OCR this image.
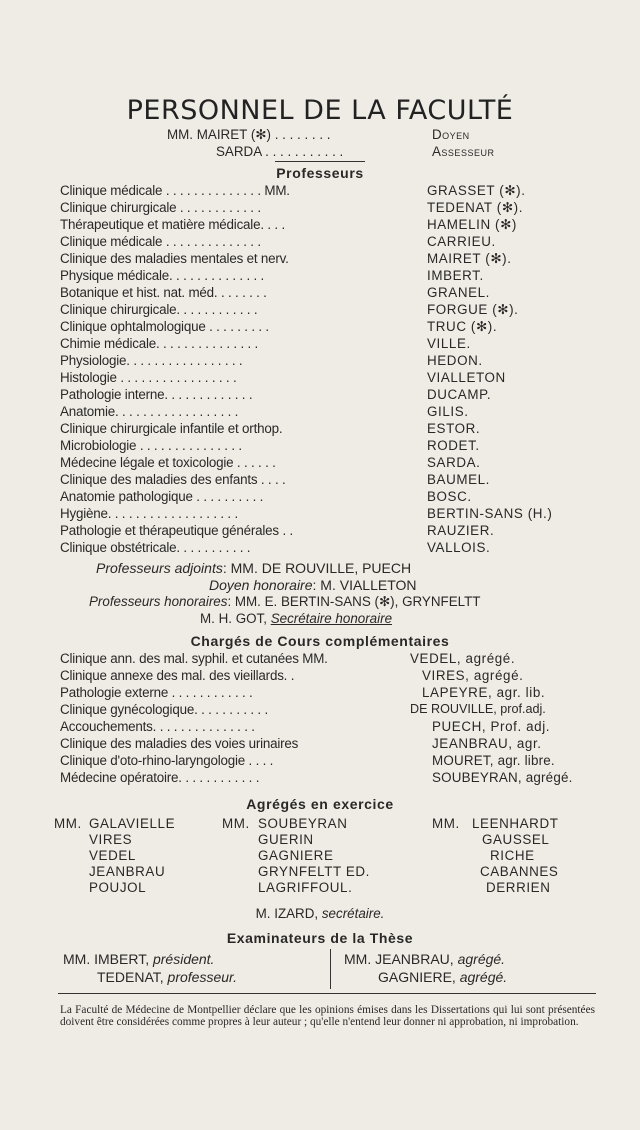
PERSONNEL DE LA FACULTÉ
MM. MAIRET (✻) . . . . . . . .	Doyen
SARDA . . . . . . . . . . .	Assesseur
Professeurs
Clinique médicale . . . . . . . . . . . . . . MM.	GRASSET (✻).
Clinique chirurgicale . . . . . . . . . . . .	TEDENAT (✻).
Thérapeutique et matière médicale. . . .	HAMELIN (✻)
Clinique médicale . . . . . . . . . . . . . .	CARRIEU.
Clinique des maladies mentales et nerv.	MAIRET (✻).
Physique médicale. . . . . . . . . . . . . .	IMBERT.
Botanique et hist. nat. méd. . . . . . . .	GRANEL.
Clinique chirurgicale. . . . . . . . . . . .	FORGUE (✻).
Clinique ophtalmologique . . . . . . . . .	TRUC (✻).
Chimie médicale. . . . . . . . . . . . . . .	VILLE.
Physiologie. . . . . . . . . . . . . . . . .	HEDON.
Histologie . . . . . . . . . . . . . . . . .	VIALLETON
Pathologie interne. . . . . . . . . . . . .	DUCAMP.
Anatomie. . . . . . . . . . . . . . . . . .	GILIS.
Clinique chirurgicale infantile et orthop.	ESTOR.
Microbiologie . . . . . . . . . . . . . . .	RODET.
Médecine légale et toxicologie . . . . . .	SARDA.
Clinique des maladies des enfants . . . .	BAUMEL.
Anatomie pathologique . . . . . . . . . .	BOSC.
Hygiène. . . . . . . . . . . . . . . . . . .	BERTIN-SANS (H.)
Pathologie et thérapeutique générales . .	RAUZIER.
Clinique obstétricale. . . . . . . . . . .	VALLOIS.
Professeurs adjoints: MM. DE ROUVILLE, PUECH
Doyen honoraire: M. VIALLETON
Professeurs honoraires: MM. E. BERTIN-SANS (✻), GRYNFELTT
M. H. GOT, Secrétaire honoraire
Chargés de Cours complémentaires
Clinique ann. des mal. syphil. et cutanées MM.	VEDEL, agrégé.
Clinique annexe des mal. des vieillards. .	VIRES, agrégé.
Pathologie externe . . . . . . . . . . . .	LAPEYRE, agr. lib.
Clinique gynécologique. . . . . . . . . . .	DE ROUVILLE, prof.adj.
Accouchements. . . . . . . . . . . . . . .	PUECH, Prof. adj.
Clinique des maladies des voies urinaires	JEANBRAU, agr.
Clinique d'oto-rhino-laryngologie . . . .	MOURET, agr. libre.
Médecine opératoire. . . . . . . . . . . .	SOUBEYRAN, agrégé.
Agrégés en exercice
MM. GALAVIELLE
VIRES
VEDEL
JEANBRAU
POUJOL
MM. SOUBEYRAN
GUERIN
GAGNIERE
GRYNFELTT ED.
LAGRIFFOUL.
MM. LEENHARDT
GAUSSEL
RICHE
CABANNES
DERRIEN
M. IZARD, secrétaire.
Examinateurs de la Thèse
MM. IMBERT, président.
TEDENAT, professeur.
MM. JEANBRAU, agrégé.
GAGNIERE, agrégé.
La Faculté de Médecine de Montpellier déclare que les opinions émises dans les Dissertations qui lui sont présentées doivent être considérées comme propres à leur auteur ; qu'elle n'entend leur donner ni approbation, ni improbation.
